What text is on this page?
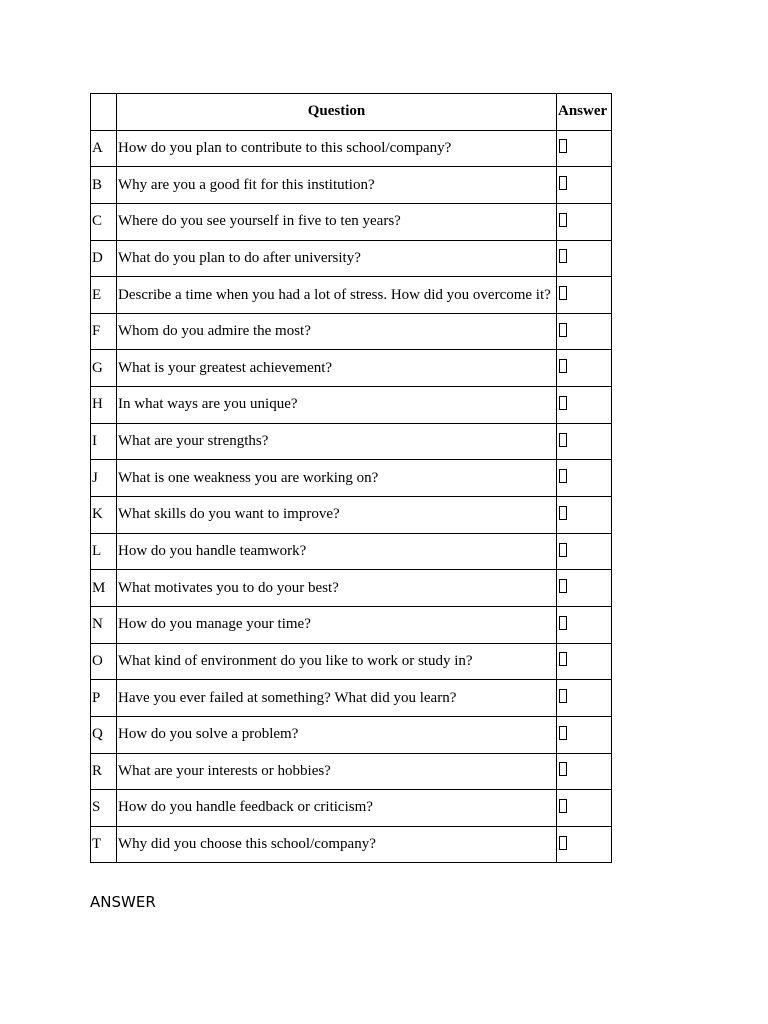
	Question	Answer
A	How do you plan to contribute to this school/company?	
B	Why are you a good fit for this institution?	
C	Where do you see yourself in five to ten years?	
D	What do you plan to do after university?	
E	Describe a time when you had a lot of stress. How did you overcome it?	
F	Whom do you admire the most?	
G	What is your greatest achievement?	
H	In what ways are you unique?	
I	What are your strengths?	
J	What is one weakness you are working on?	
K	What skills do you want to improve?	
L	How do you handle teamwork?	
M	What motivates you to do your best?	
N	How do you manage your time?	
O	What kind of environment do you like to work or study in?	
P	Have you ever failed at something? What did you learn?	
Q	How do you solve a problem?	
R	What are your interests or hobbies?	
S	How do you handle feedback or criticism?	
T	Why did you choose this school/company?	
ANSWER
